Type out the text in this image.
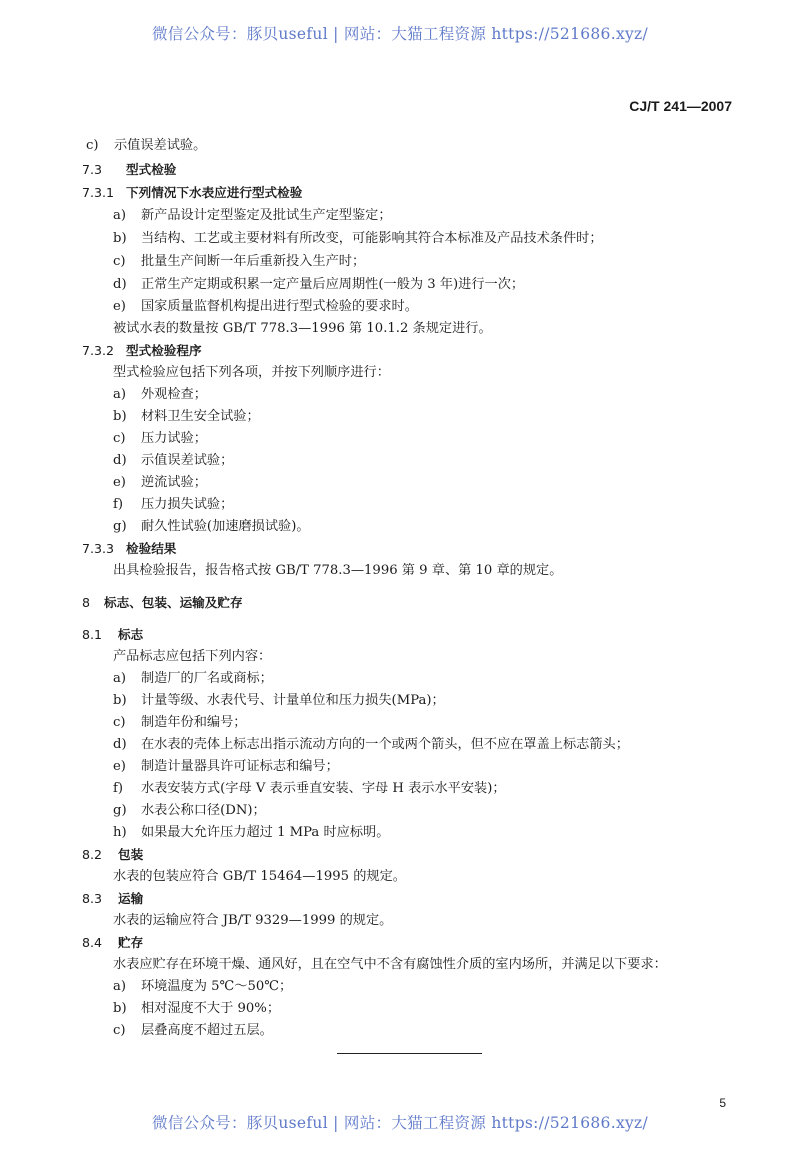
微信公众号：豚贝useful | 网站：大猫工程资源 https://521686.xyz/
CJ/T 241—2007
c) 示值误差试验。
7.3 型式检验
7.3.1 下列情况下水表应进行型式检验
a) 新产品设计定型鉴定及批试生产定型鉴定；
b) 当结构、工艺或主要材料有所改变，可能影响其符合本标准及产品技术条件时；
c) 批量生产间断一年后重新投入生产时；
d) 正常生产定期或积累一定产量后应周期性(一般为 3 年)进行一次；
e) 国家质量监督机构提出进行型式检验的要求时。
被试水表的数量按 GB/T 778.3—1996 第 10.1.2 条规定进行。
7.3.2 型式检验程序
型式检验应包括下列各项，并按下列顺序进行：
a) 外观检查；
b) 材料卫生安全试验；
c) 压力试验；
d) 示值误差试验；
e) 逆流试验；
f) 压力损失试验；
g) 耐久性试验(加速磨损试验)。
7.3.3 检验结果
出具检验报告，报告格式按 GB/T 778.3—1996 第 9 章、第 10 章的规定。
8 标志、包装、运输及贮存
8.1 标志
产品标志应包括下列内容：
a) 制造厂的厂名或商标；
b) 计量等级、水表代号、计量单位和压力损失(MPa)；
c) 制造年份和编号；
d) 在水表的壳体上标志出指示流动方向的一个或两个箭头，但不应在罩盖上标志箭头；
e) 制造计量器具许可证标志和编号；
f) 水表安装方式(字母 V 表示垂直安装、字母 H 表示水平安装)；
g) 水表公称口径(DN)；
h) 如果最大允许压力超过 1 MPa 时应标明。
8.2 包装
水表的包装应符合 GB/T 15464—1995 的规定。
8.3 运输
水表的运输应符合 JB/T 9329—1999 的规定。
8.4 贮存
水表应贮存在环境干燥、通风好，且在空气中不含有腐蚀性介质的室内场所，并满足以下要求：
a) 环境温度为 5℃～50℃；
b) 相对湿度不大于 90%；
c) 层叠高度不超过五层。
5
微信公众号：豚贝useful | 网站：大猫工程资源 https://521686.xyz/
